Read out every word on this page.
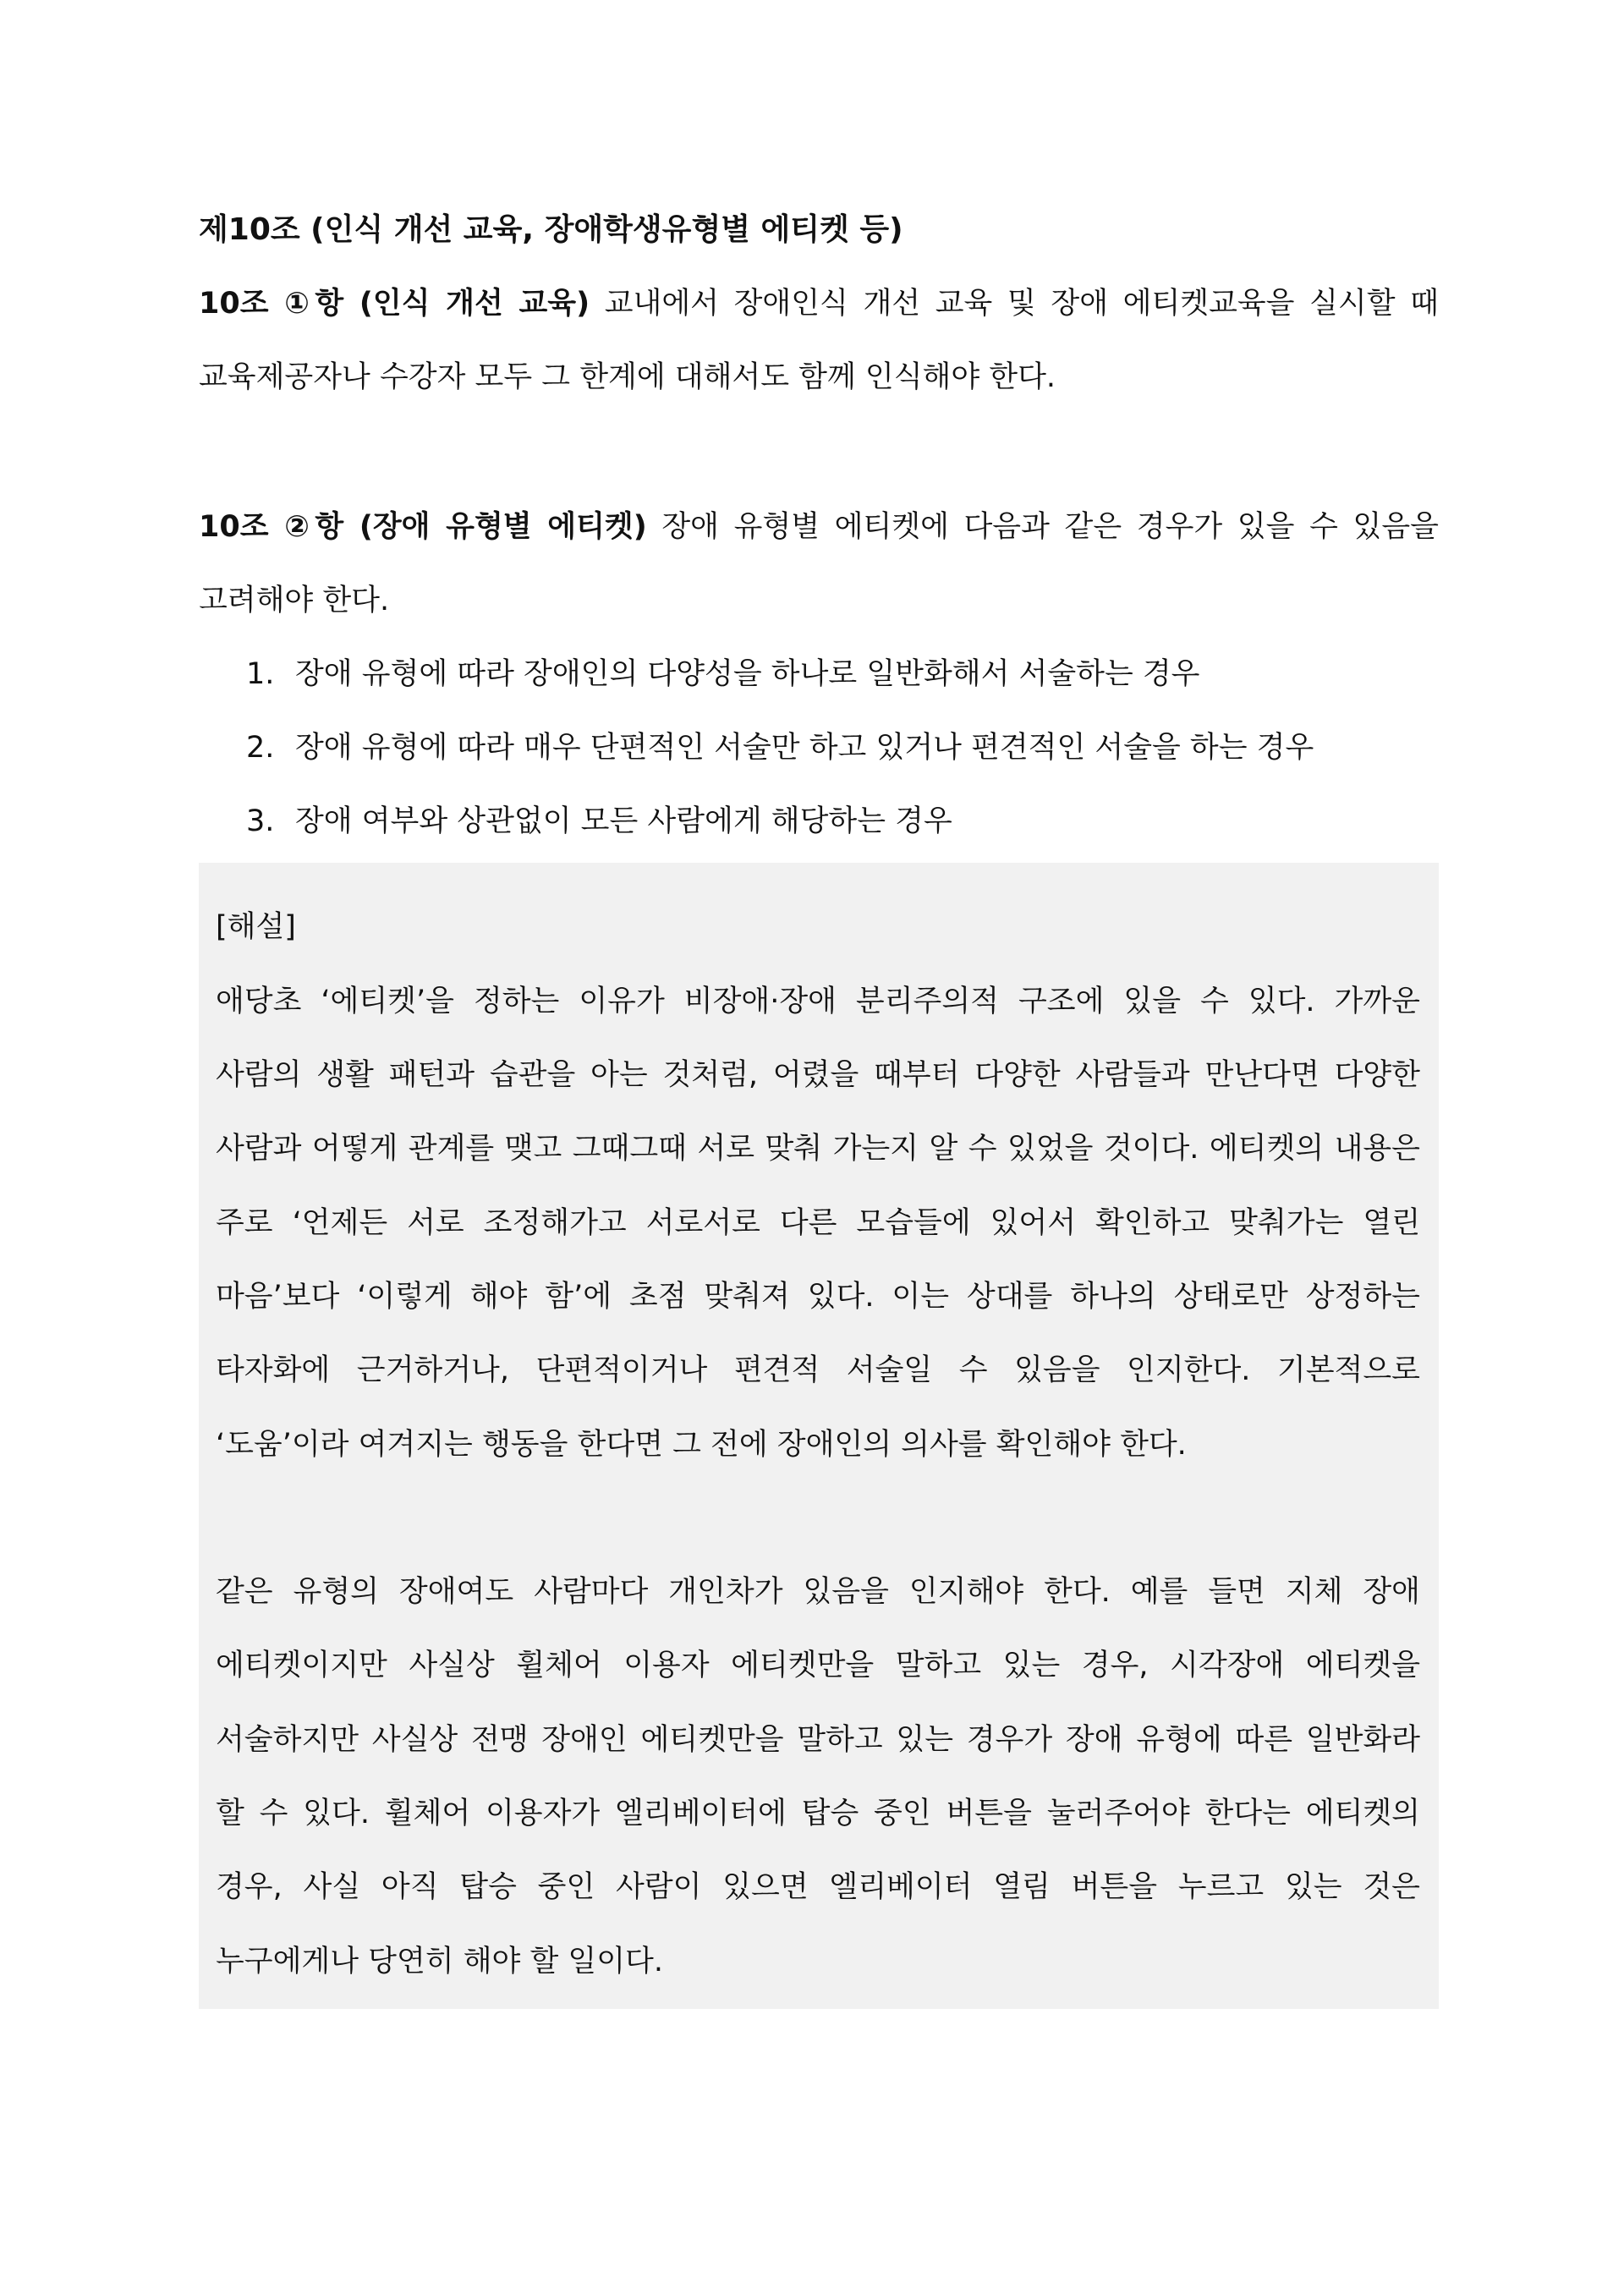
제10조 (인식 개선 교육, 장애학생유형별 에티켓 등)
10조 ①항 (인식 개선 교육) 교내에서 장애인식 개선 교육 및 장애 에티켓교육을 실시할 때
교육제공자나 수강자 모두 그 한계에 대해서도 함께 인식해야 한다.
10조 ②항 (장애 유형별 에티켓) 장애 유형별 에티켓에 다음과 같은 경우가 있을 수 있음을
고려해야 한다.
1. 장애 유형에 따라 장애인의 다양성을 하나로 일반화해서 서술하는 경우
2. 장애 유형에 따라 매우 단편적인 서술만 하고 있거나 편견적인 서술을 하는 경우
3. 장애 여부와 상관없이 모든 사람에게 해당하는 경우
[해설]
애당초 ‘에티켓’을 정하는 이유가 비장애·장애 분리주의적 구조에 있을 수 있다. 가까운
사람의 생활 패턴과 습관을 아는 것처럼, 어렸을 때부터 다양한 사람들과 만난다면 다양한
사람과 어떻게 관계를 맺고 그때그때 서로 맞춰 가는지 알 수 있었을 것이다. 에티켓의 내용은
주로 ‘언제든 서로 조정해가고 서로서로 다른 모습들에 있어서 확인하고 맞춰가는 열린
마음’보다 ‘이렇게 해야 함’에 초점 맞춰져 있다. 이는 상대를 하나의 상태로만 상정하는
타자화에 근거하거나, 단편적이거나 편견적 서술일 수 있음을 인지한다. 기본적으로
‘도움’이라 여겨지는 행동을 한다면 그 전에 장애인의 의사를 확인해야 한다.
같은 유형의 장애여도 사람마다 개인차가 있음을 인지해야 한다. 예를 들면 지체 장애
에티켓이지만 사실상 휠체어 이용자 에티켓만을 말하고 있는 경우, 시각장애 에티켓을
서술하지만 사실상 전맹 장애인 에티켓만을 말하고 있는 경우가 장애 유형에 따른 일반화라
할 수 있다. 휠체어 이용자가 엘리베이터에 탑승 중인 버튼을 눌러주어야 한다는 에티켓의
경우, 사실 아직 탑승 중인 사람이 있으면 엘리베이터 열림 버튼을 누르고 있는 것은
누구에게나 당연히 해야 할 일이다.
